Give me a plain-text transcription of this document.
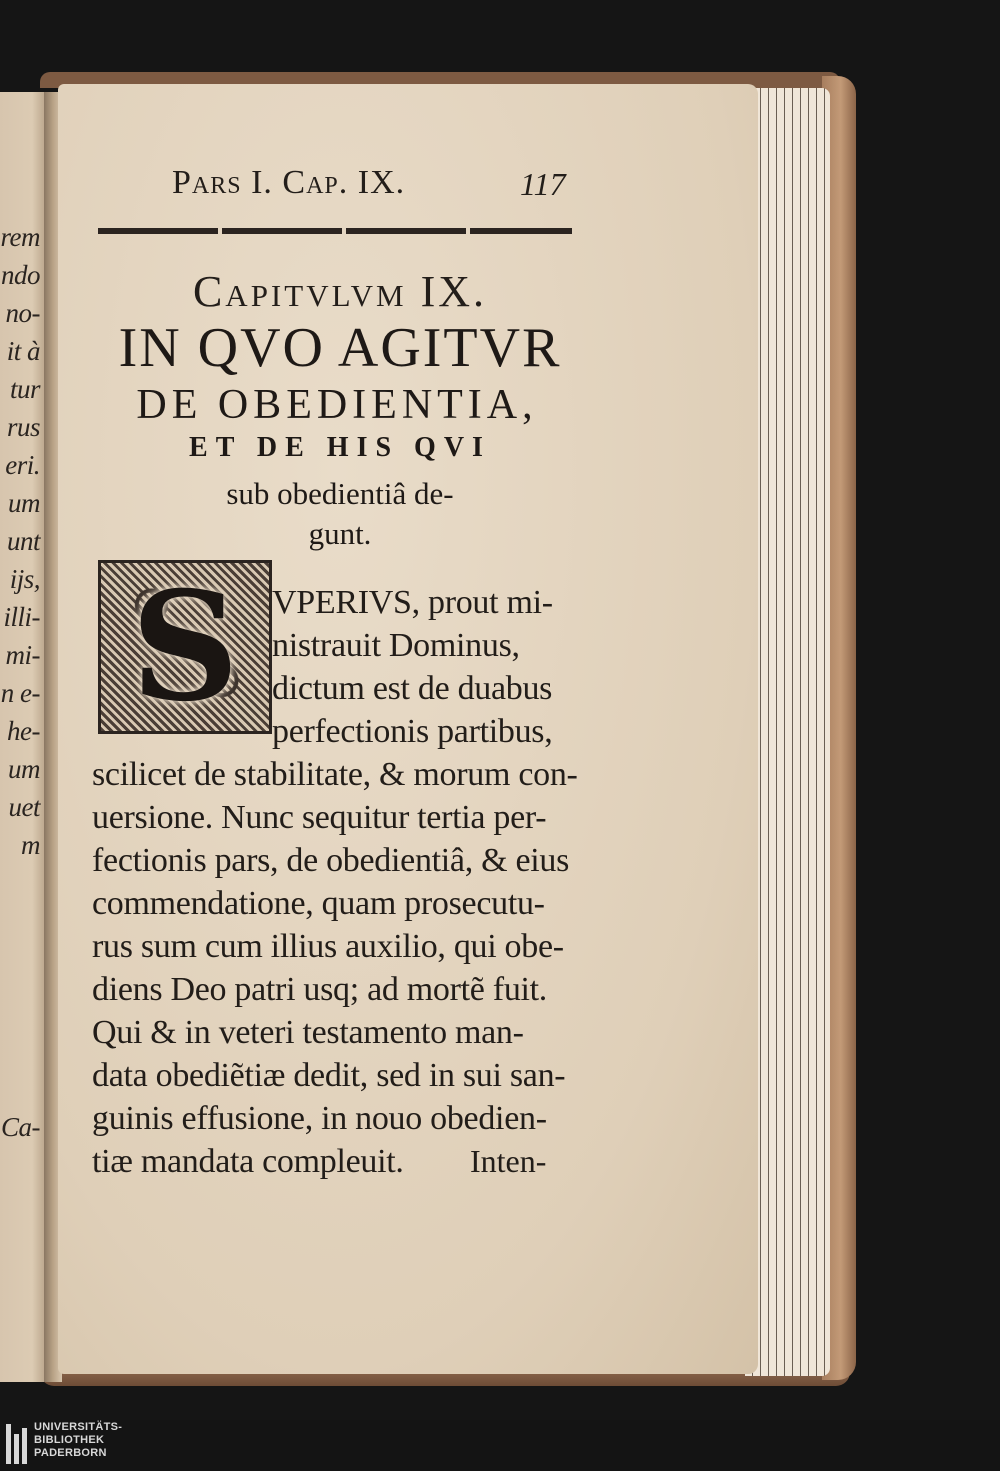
rem
ndo
no-
it à
tur
rus
eri.
um
unt
ijs,
illi-
mi-
n e-
he-
um
uet
m
Ca-
Pars I. Cap. IX.	117
Capitvlvm IX.
IN QVO AGITVR
DE OBEDIENTIA,
ET DE HIS QVI
sub obedientiâ de-
gunt.
S VPERIVS, prout mi-
nistrauit Dominus,
dictum est de duabus
perfectionis partibus,
scilicet de stabilitate, & morum con-
uersione. Nunc sequitur tertia per-
fectionis pars, de obedientiâ, & eius
commendatione, quam prosecutu-
rus sum cum illius auxilio, qui obe-
diens Deo patri usq; ad mortẽ fuit.
Qui & in veteri testamento man-
data obediẽtiæ dedit, sed in sui san-
guinis effusione, in nouo obedien-
Inten-
tiæ mandata compleuit.
UNIVERSITÄTS-
BIBLIOTHEK
PADERBORN
